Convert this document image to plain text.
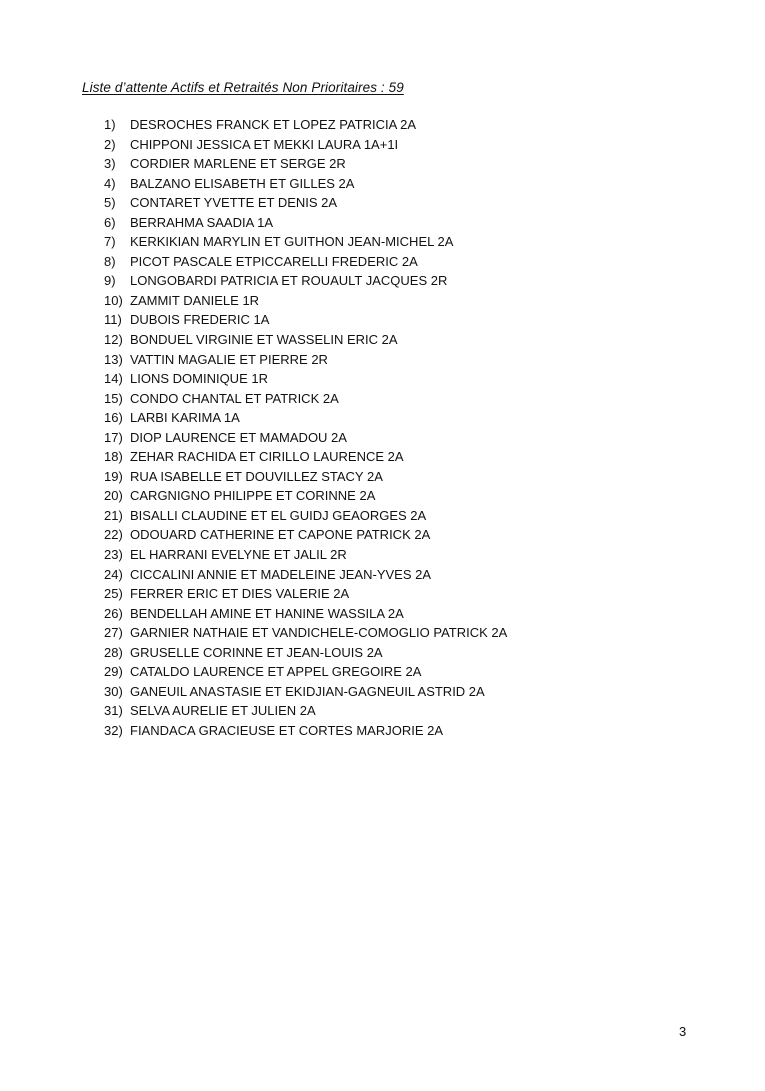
Liste d’attente Actifs et Retraités Non Prioritaires : 59
1)	DESROCHES FRANCK ET LOPEZ PATRICIA 2A
2)	CHIPPONI JESSICA ET MEKKI LAURA 1A+1I
3)	CORDIER MARLENE ET SERGE 2R
4)	BALZANO ELISABETH ET GILLES 2A
5)	CONTARET YVETTE ET DENIS 2A
6)	BERRAHMA SAADIA 1A
7)	KERKIKIAN MARYLIN ET GUITHON JEAN-MICHEL 2A
8)	PICOT PASCALE ETPICCARELLI FREDERIC 2A
9)	LONGOBARDI PATRICIA ET ROUAULT JACQUES 2R
10) ZAMMIT DANIELE 1R
11) DUBOIS FREDERIC 1A
12) BONDUEL VIRGINIE ET WASSELIN ERIC 2A
13) VATTIN MAGALIE ET PIERRE 2R
14) LIONS DOMINIQUE 1R
15) CONDO CHANTAL ET PATRICK 2A
16) LARBI KARIMA 1A
17) DIOP LAURENCE ET MAMADOU 2A
18) ZEHAR RACHIDA ET CIRILLO LAURENCE 2A
19) RUA ISABELLE ET DOUVILLEZ STACY 2A
20) CARGNIGNO PHILIPPE ET CORINNE 2A
21) BISALLI CLAUDINE ET EL GUIDJ GEAORGES 2A
22) ODOUARD CATHERINE ET CAPONE PATRICK 2A
23) EL HARRANI EVELYNE ET JALIL 2R
24) CICCALINI ANNIE ET MADELEINE JEAN-YVES 2A
25) FERRER ERIC ET DIES VALERIE 2A
26) BENDELLAH AMINE ET HANINE WASSILA 2A
27) GARNIER NATHAIE ET VANDICHELE-COMOGLIO PATRICK 2A
28) GRUSELLE CORINNE ET JEAN-LOUIS 2A
29) CATALDO LAURENCE ET APPEL GREGOIRE 2A
30) GANEUIL ANASTASIE ET EKIDJIAN-GAGNEUIL ASTRID 2A
31) SELVA AURELIE ET JULIEN 2A
32) FIANDACA GRACIEUSE ET CORTES MARJORIE 2A
3
